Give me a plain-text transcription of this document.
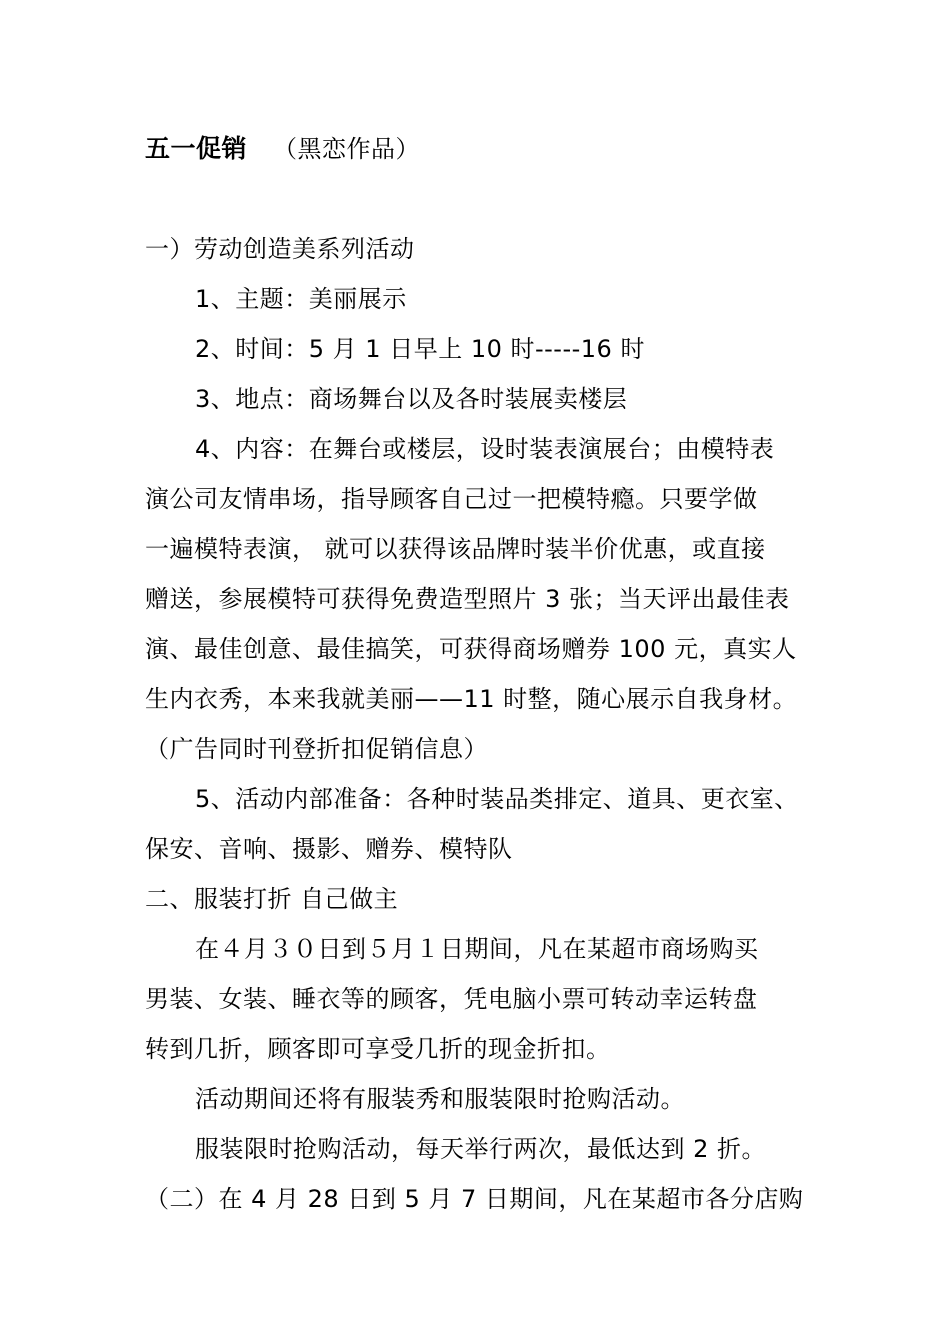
五一促销 （黑恋作品）
一）劳动创造美系列活动
1、主题：美丽展示
2、时间：5 月 1 日早上 10 时-----16 时
3、地点：商场舞台以及各时装展卖楼层
4、内容：在舞台或楼层，设时装表演展台；由模特表
演公司友情串场，指导顾客自己过一把模特瘾。只要学做
一遍模特表演， 就可以获得该品牌时装半价优惠，或直接
赠送，参展模特可获得免费造型照片 3 张；当天评出最佳表
演、最佳创意、最佳搞笑，可获得商场赠券 100 元，真实人
生内衣秀，本来我就美丽——11 时整，随心展示自我身材。
（广告同时刊登折扣促销信息）
5、活动内部准备：各种时装品类排定、道具、更衣室、
保安、音响、摄影、赠券、模特队
二、服装打折 自己做主
在４月３０日到５月１日期间，凡在某超市商场购买
男装、女装、睡衣等的顾客，凭电脑小票可转动幸运转盘
转到几折，顾客即可享受几折的现金折扣。
活动期间还将有服装秀和服装限时抢购活动。
服装限时抢购活动，每天举行两次，最低达到 2 折。
（二）在 4 月 28 日到 5 月 7 日期间，凡在某超市各分店购
